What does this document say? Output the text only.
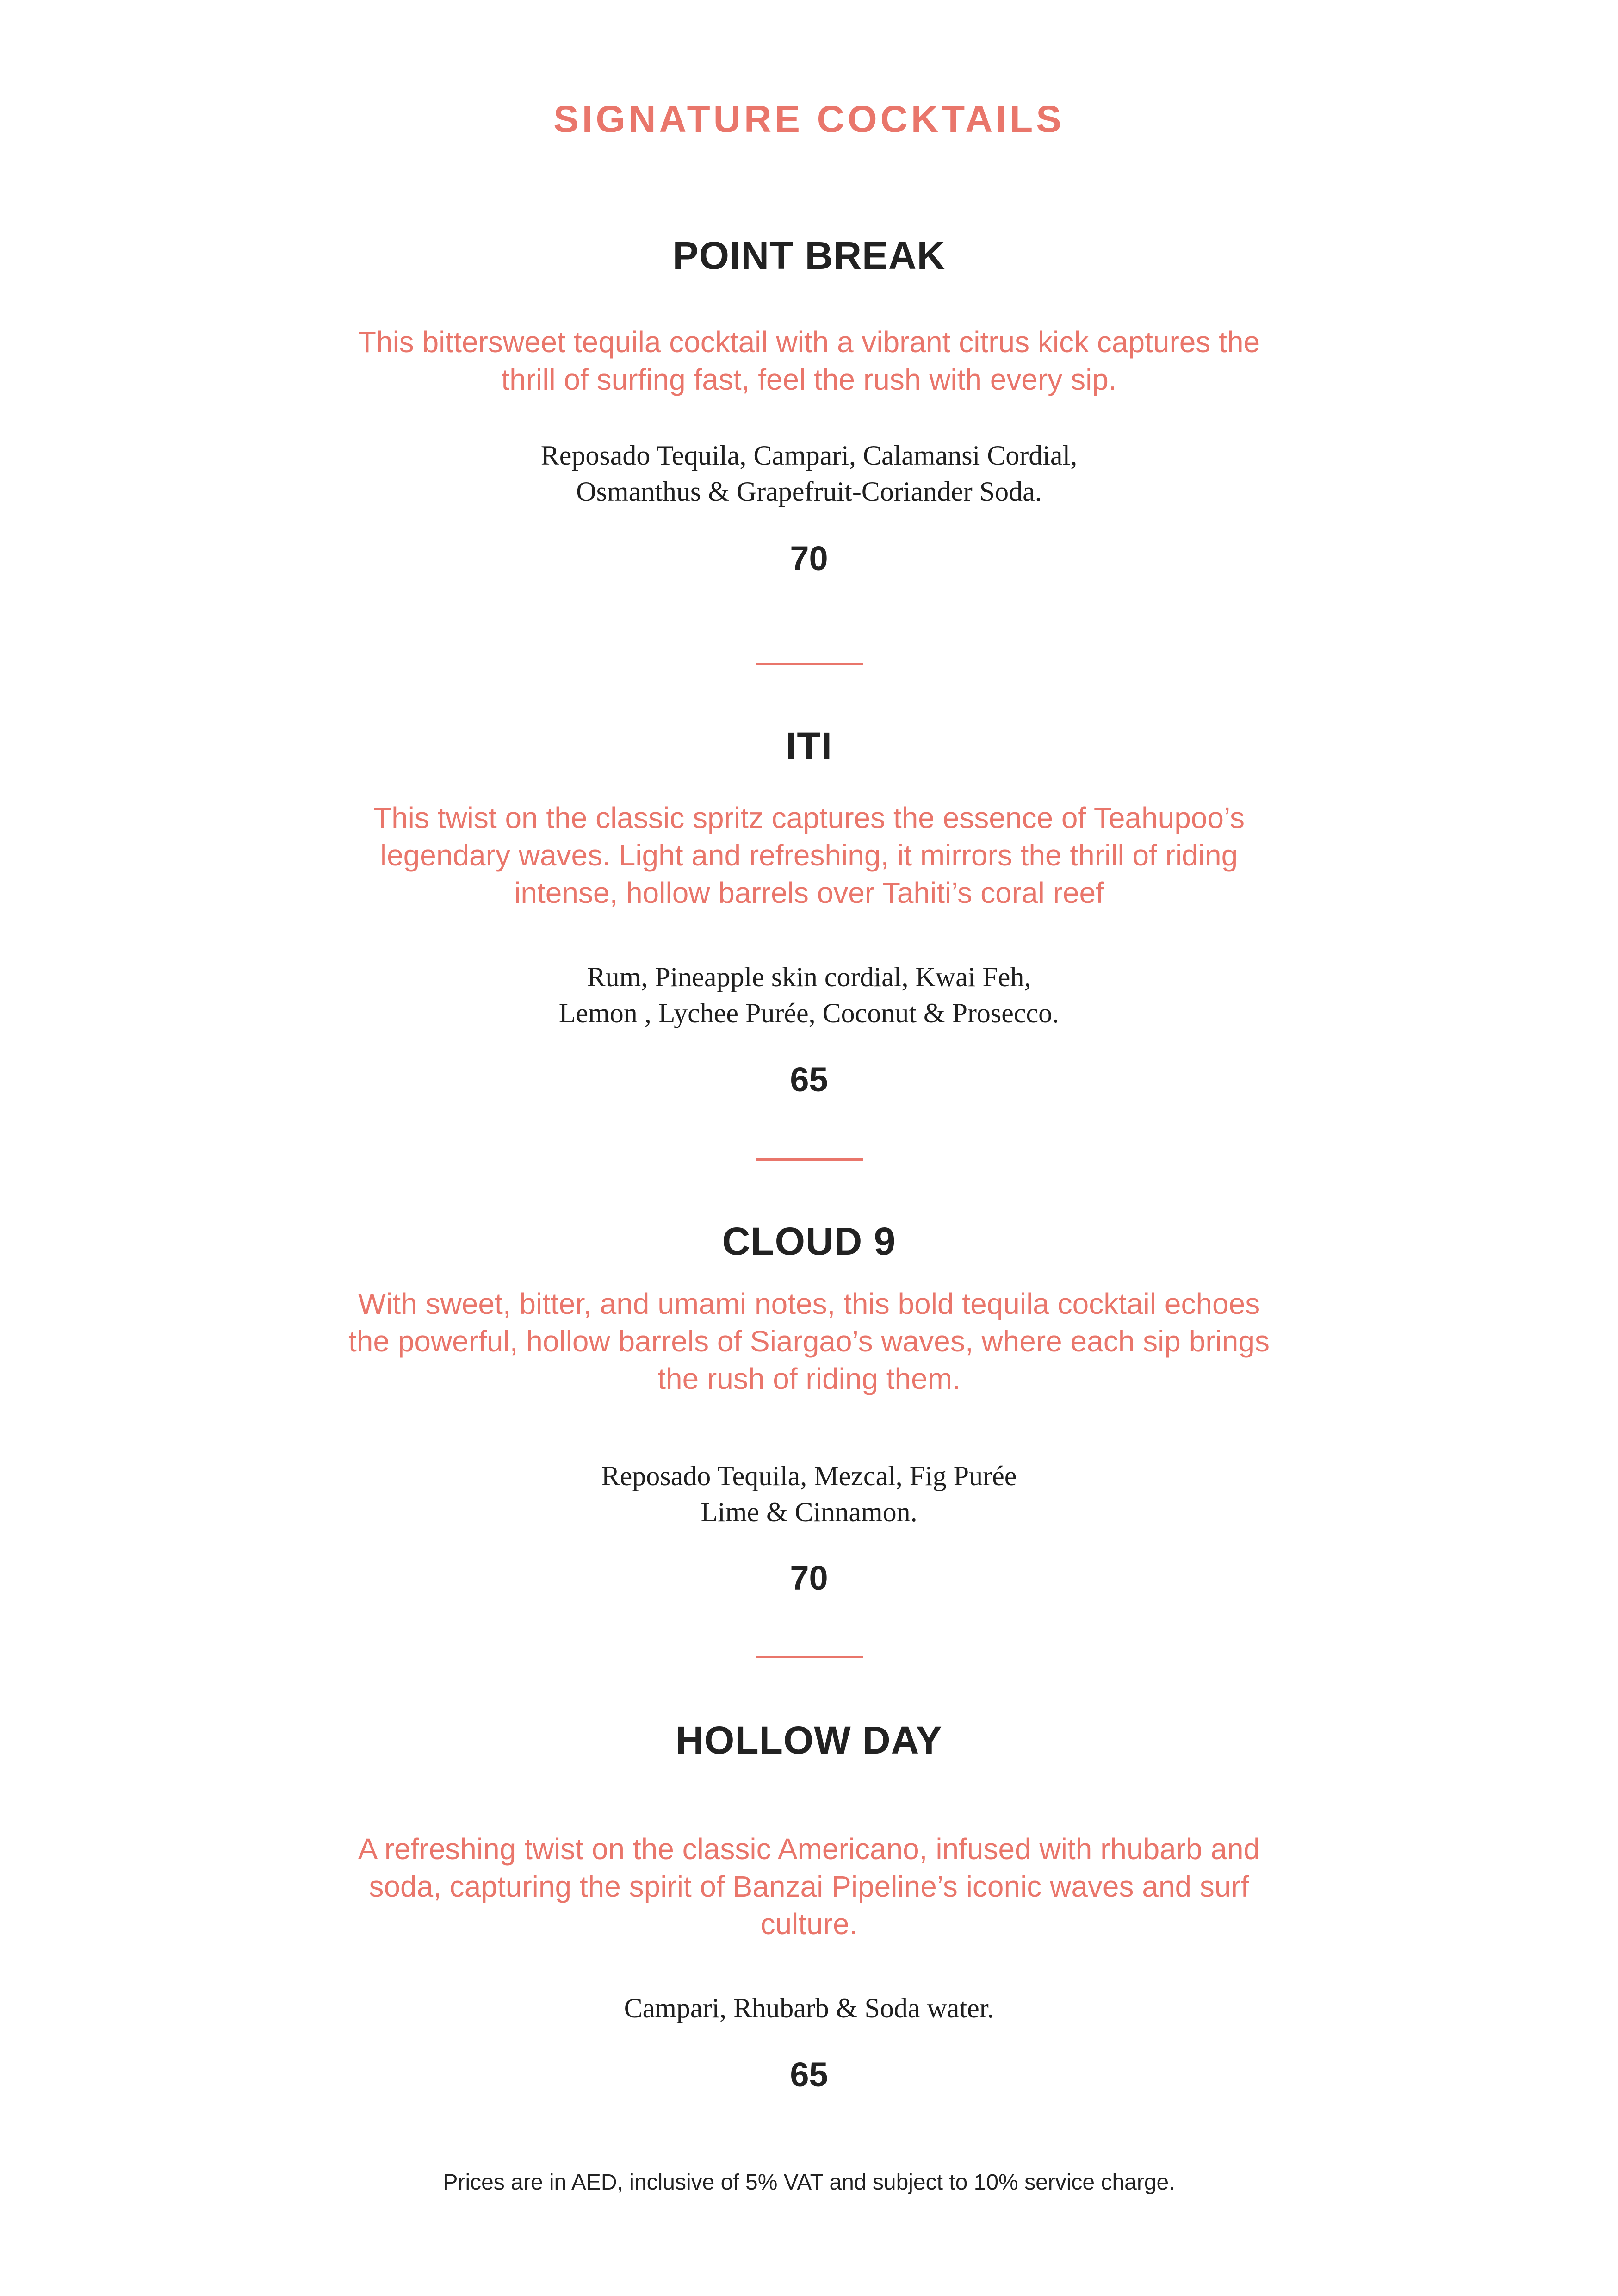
SIGNATURE COCKTAILS
POINT BREAK
This bittersweet tequila cocktail with a vibrant citrus kick captures the
thrill of surfing fast, feel the rush with every sip.
Reposado Tequila, Campari, Calamansi Cordial,
Osmanthus & Grapefruit-Coriander Soda.
70
ITI
This twist on the classic spritz captures the essence of Teahupoo’s
legendary waves. Light and refreshing, it mirrors the thrill of riding
intense, hollow barrels over Tahiti’s coral reef
Rum, Pineapple skin cordial, Kwai Feh,
Lemon , Lychee Purée, Coconut & Prosecco.
65
CLOUD 9
With sweet, bitter, and umami notes, this bold tequila cocktail echoes
the powerful, hollow barrels of Siargao’s waves, where each sip brings
the rush of riding them.
Reposado Tequila, Mezcal, Fig Purée
Lime & Cinnamon.
70
HOLLOW DAY
A refreshing twist on the classic Americano, infused with rhubarb and
soda, capturing the spirit of Banzai Pipeline’s iconic waves and surf
culture.
Campari, Rhubarb & Soda water.
65
Prices are in AED, inclusive of 5% VAT and subject to 10% service charge.
